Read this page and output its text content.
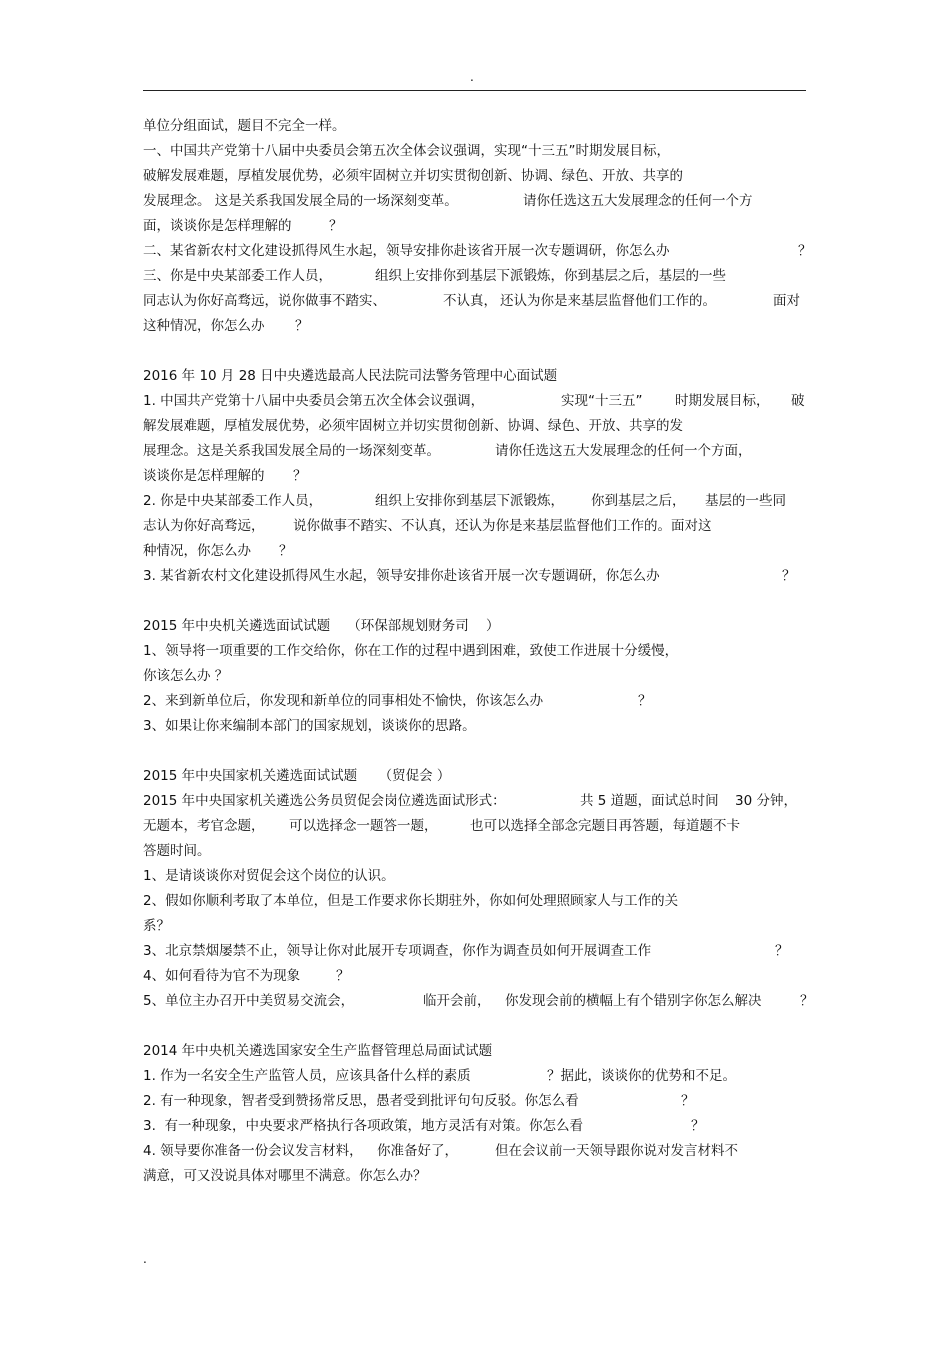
.
单位分组面试，题目不完全一样。
一、中国共产党第十八届中央委员会第五次全体会议强调，实现“十三五”时期发展目标，
破解发展难题，厚植发展优势，必须牢固树立并切实贯彻创新、协调、绿色、开放、共享的
发展理念。 这是关系我国发展全局的一场深刻变革。	请你任选这五大发展理念的任何一个方
面，谈谈你是怎样理解的	？
二、某省新农村文化建设抓得风生水起，领导安排你赴该省开展一次专题调研，你怎么办	？
三、你是中央某部委工作人员，	组织上安排你到基层下派锻炼，你到基层之后，基层的一些
同志认为你好高骛远，说你做事不踏实、	不认真， 还认为你是来基层监督他们工作的。	面对
这种情况，你怎么办 ？
2016 年 10 月 28 日中央遴选最高人民法院司法警务管理中心面试题
1. 中国共产党第十八届中央委员会第五次全体会议强调，	实现“十三五” 时期发展目标， 破
解发展难题，厚植发展优势，必须牢固树立并切实贯彻创新、协调、绿色、开放、共享的发
展理念。这是关系我国发展全局的一场深刻变革。	请你任选这五大发展理念的任何一个方面，
谈谈你是怎样理解的 ？
2. 你是中央某部委工作人员，	组织上安排你到基层下派锻炼， 你到基层之后， 基层的一些同
志认为你好高骛远， 说你做事不踏实、不认真，还认为你是来基层监督他们工作的。面对这
种情况，你怎么办 ？
3. 某省新农村文化建设抓得风生水起，领导安排你赴该省开展一次专题调研，你怎么办	？
2015 年中央机关遴选面试试题    （环保部规划财务司    ）
1、领导将一项重要的工作交给你，你在工作的过程中遇到困难，致使工作进展十分缓慢，
你该怎么办 ？
2、来到新单位后，你发现和新单位的同事相处不愉快，你该怎么办	？
3、如果让你来编制本部门的国家规划，谈谈你的思路。
2015 年中央国家机关遴选面试试题     （贸促会 ）
2015 年中央国家机关遴选公务员贸促会岗位遴选面试形式：	共 5 道题，面试总时间 30 分钟，
无题本，考官念题， 可以选择念一题答一题， 也可以选择全部念完题目再答题，每道题不卡
答题时间。
1、是请谈谈你对贸促会这个岗位的认识。
2、假如你顺利考取了本单位，但是工作要求你长期驻外，你如何处理照顾家人与工作的关
系？
3、北京禁烟屡禁不止，领导让你对此展开专项调查，你作为调查员如何开展调查工作	？
4、如何看待为官不为现象	？
5、单位主办召开中美贸易交流会，	临开会前， 你发现会前的横幅上有个错别字你怎么解决	？
2014 年中央机关遴选国家安全生产监督管理总局面试试题
1. 作为一名安全生产监管人员，应该具备什么样的素质	？据此，谈谈你的优势和不足。
2. 有一种现象，智者受到赞扬常反思，愚者受到批评句句反驳。你怎么看	？
3.  有一种现象，中央要求严格执行各项政策，地方灵活有对策。你怎么看	？
4. 领导要你准备一份会议发言材料， 你准备好了，	但在会议前一天领导跟你说对发言材料不
满意，可又没说具体对哪里不满意。你怎么办？
.
